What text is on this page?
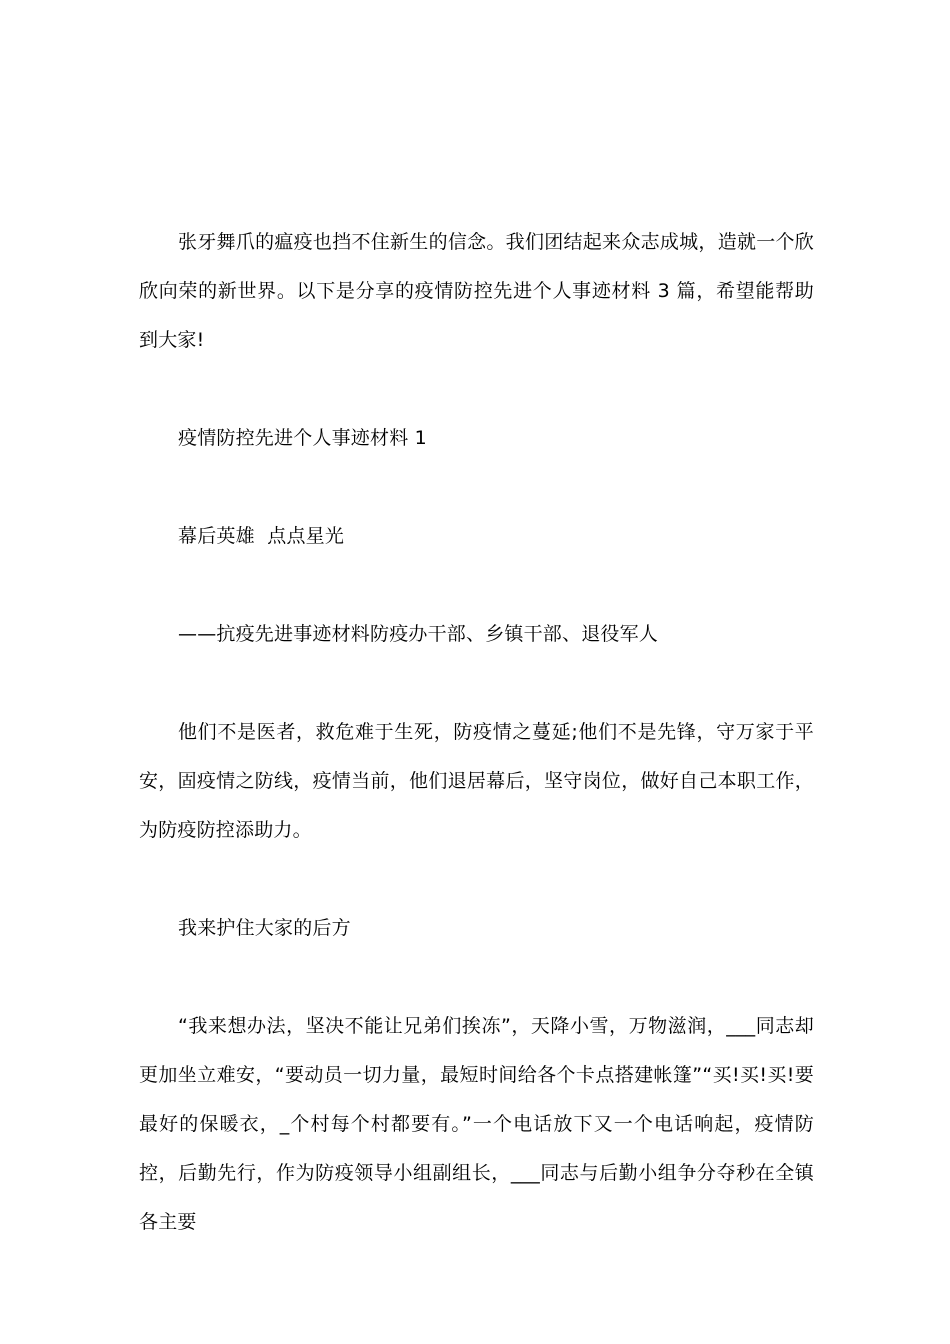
张牙舞爪的瘟疫也挡不住新生的信念。我们团结起来众志成城，造就一个欣欣向荣的新世界。以下是分享的疫情防控先进个人事迹材料 3 篇，希望能帮助到大家!

疫情防控先进个人事迹材料 1

幕后英雄  点点星光

——抗疫先进事迹材料防疫办干部、乡镇干部、退役军人

他们不是医者，救危难于生死，防疫情之蔓延;他们不是先锋，守万家于平安，固疫情之防线，疫情当前，他们退居幕后，坚守岗位，做好自己本职工作，为防疫防控添助力。

我来护住大家的后方

“我来想办法，坚决不能让兄弟们挨冻”，天降小雪，万物滋润，___同志却更加坐立难安，“要动员一切力量，最短时间给各个卡点搭建帐篷”“买!买!买!要最好的保暖衣，_个村每个村都要有。”一个电话放下又一个电话响起，疫情防控，后勤先行，作为防疫领导小组副组长，___同志与后勤小组争分夺秒在全镇各主要
